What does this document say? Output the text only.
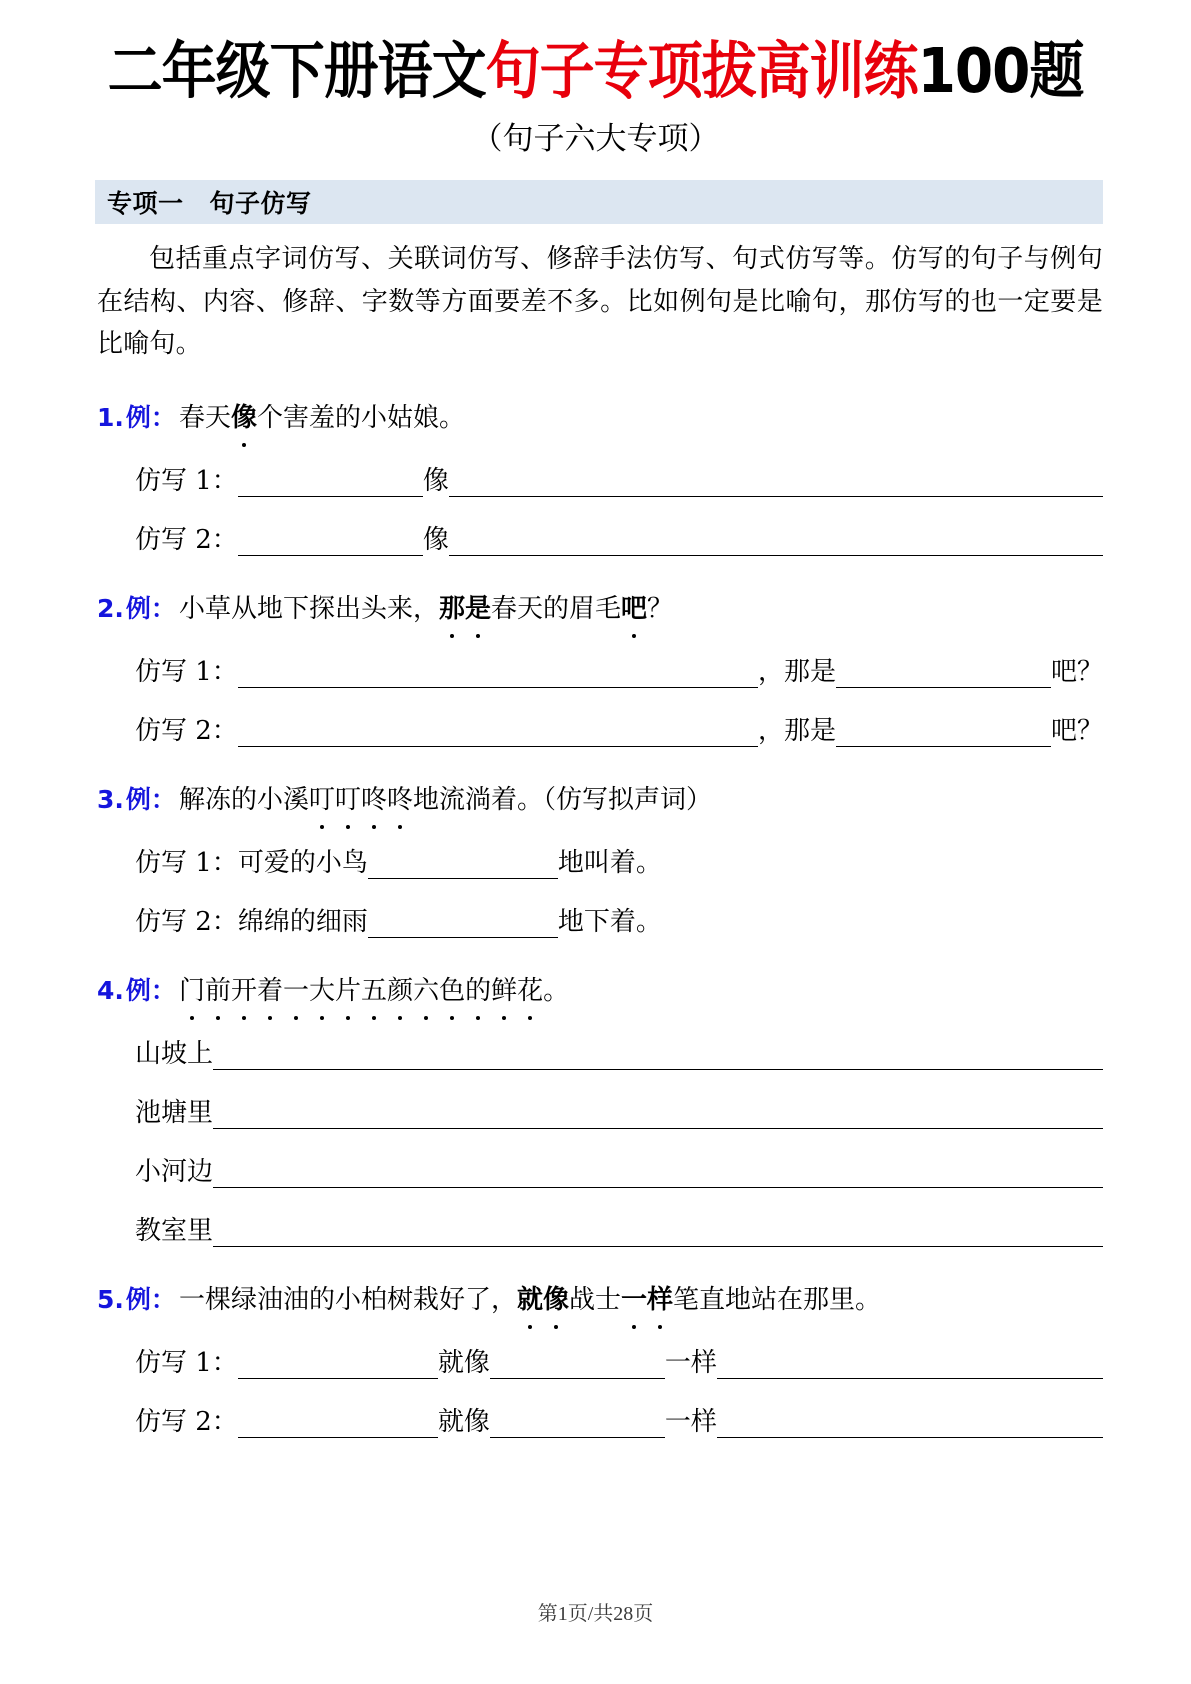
二年级下册语文句子专项拔高训练100题
（句子六大专项）
专项一 句子仿写
包括重点字词仿写、关联词仿写、修辞手法仿写、句式仿写等。仿写的句子与例句在结构、内容、修辞、字数等方面要差不多。比如例句是比喻句，那仿写的也一定要是比喻句。
1. 例： 春天像个害羞的小姑娘。
仿写 1：	像
仿写 2：	像
2. 例： 小草从地下探出头来，那是春天的眉毛吧？
仿写 1：	，那是	吧？
仿写 2：	，那是	吧？
3. 例： 解冻的小溪叮叮咚咚地流淌着。（仿写拟声词）
仿写 1： 可爱的小鸟	地叫着。
仿写 2： 绵绵的细雨	地下着。
4. 例： 门前开着一大片五颜六色的鲜花。
山坡上
池塘里
小河边
教室里
5. 例： 一棵绿油油的小柏树栽好了，就像战士一样笔直地站在那里。
仿写 1：	就像	一样
仿写 2：	就像	一样
第1页/共28页
